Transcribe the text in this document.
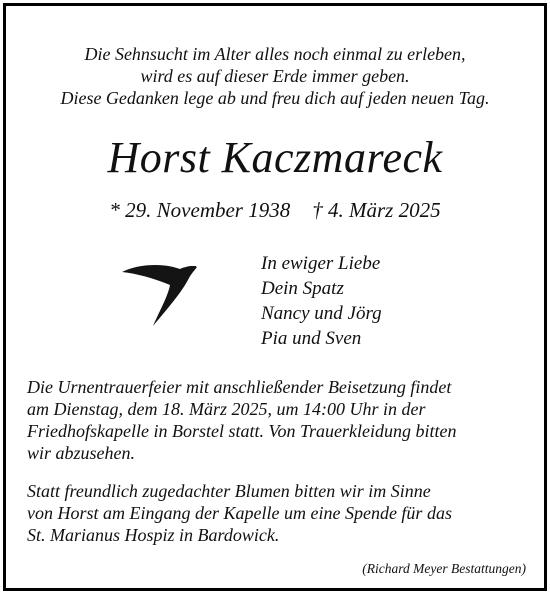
Die Sehnsucht im Alter alles noch einmal zu erleben,
wird es auf dieser Erde immer geben.
Diese Gedanken lege ab und freu dich auf jeden neuen Tag.
Horst Kaczmareck
* 29. November 1938 † 4. März 2025
In ewiger Liebe
Dein Spatz
Nancy und Jörg
Pia und Sven
Die Urnentrauerfeier mit anschließender Beisetzung findet
am Dienstag, dem 18. März 2025, um 14:00 Uhr in der
Friedhofskapelle in Borstel statt. Von Trauerkleidung bitten
wir abzusehen.
Statt freundlich zugedachter Blumen bitten wir im Sinne
von Horst am Eingang der Kapelle um eine Spende für das
St. Marianus Hospiz in Bardowick.
(Richard Meyer Bestattungen)
